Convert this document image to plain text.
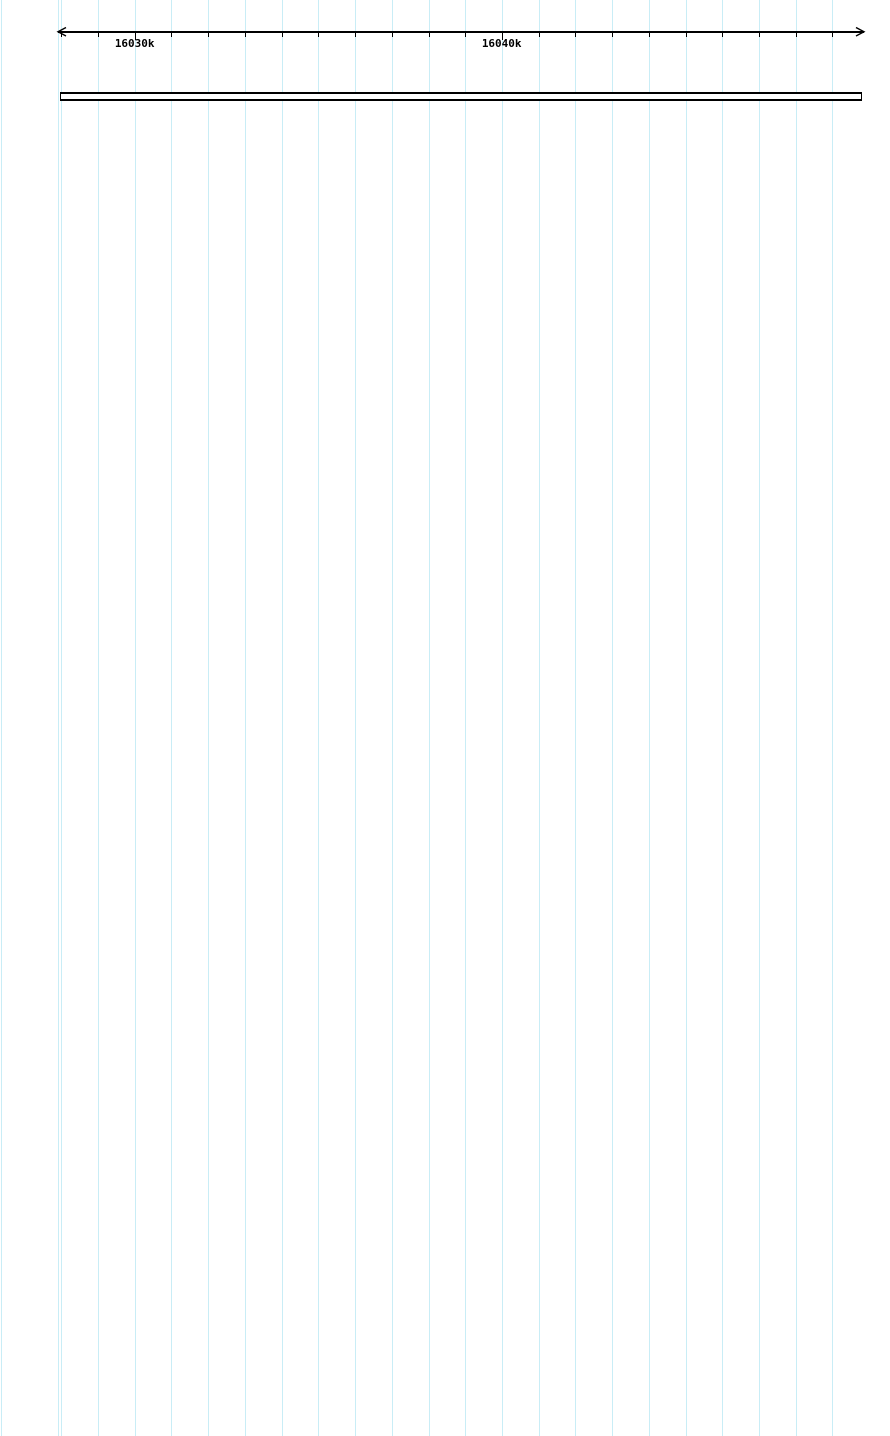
16030k	16040k
